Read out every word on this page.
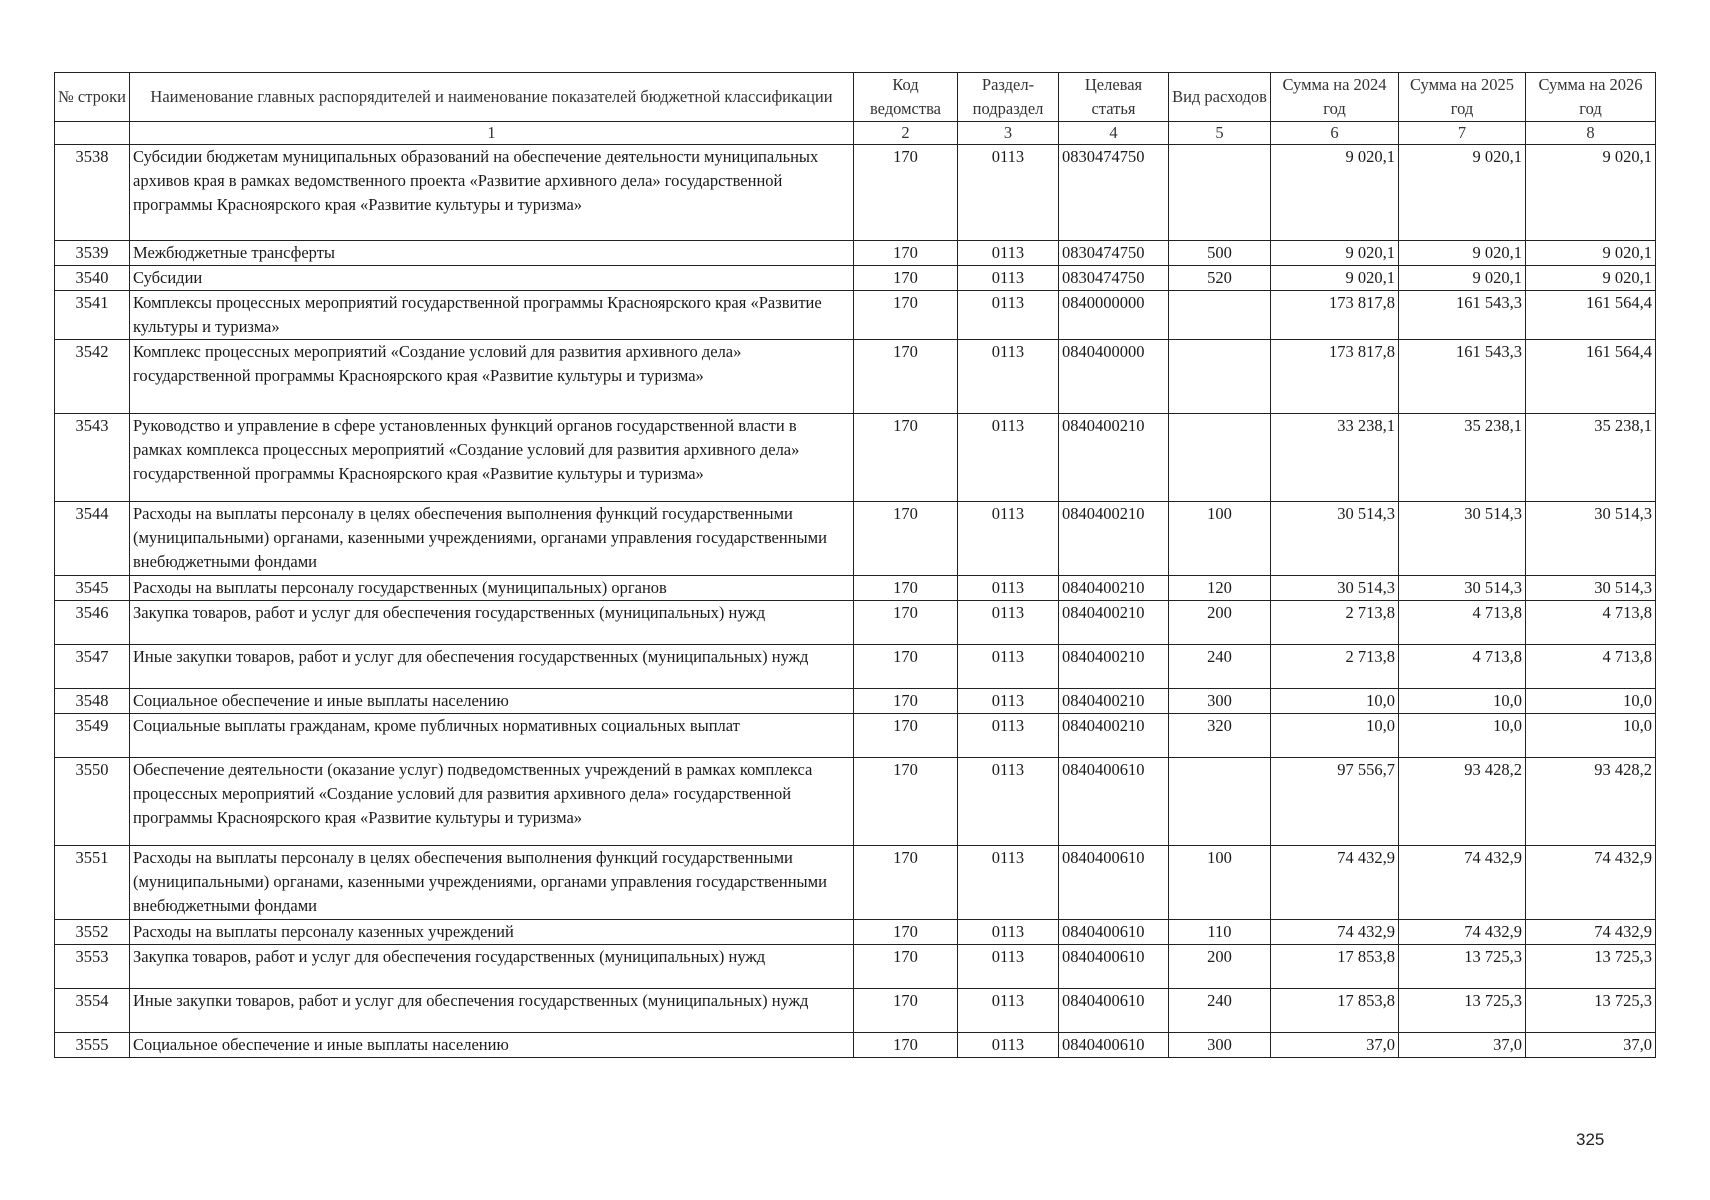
№ строки	Наименование главных распорядителей и наименование показателей бюджетной классификации	Код ведомства	Раздел-подраздел	Целевая статья	Вид расходов	Сумма на 2024 год	Сумма на 2025 год	Сумма на 2026 год
	1	2	3	4	5	6	7	8
3538	Субсидии бюджетам муниципальных образований на обеспечение деятельности муниципальных архивов края в рамках ведомственного проекта «Развитие архивного дела» государственной программы Красноярского края «Развитие культуры и туризма»	170	0113	0830474750		9 020,1	9 020,1	9 020,1
3539	Межбюджетные трансферты	170	0113	0830474750	500	9 020,1	9 020,1	9 020,1
3540	Субсидии	170	0113	0830474750	520	9 020,1	9 020,1	9 020,1
3541	Комплексы процессных мероприятий государственной программы Красноярского края «Развитие культуры и туризма»	170	0113	0840000000		173 817,8	161 543,3	161 564,4
3542	Комплекс процессных мероприятий «Создание условий для развития архивного дела» государственной программы Красноярского края «Развитие культуры и туризма»	170	0113	0840400000		173 817,8	161 543,3	161 564,4
3543	Руководство и управление в сфере установленных функций органов государственной власти в рамках комплекса процессных мероприятий «Создание условий для развития архивного дела» государственной программы Красноярского края «Развитие культуры и туризма»	170	0113	0840400210		33 238,1	35 238,1	35 238,1
3544	Расходы на выплаты персоналу в целях обеспечения выполнения функций государственными (муниципальными) органами, казенными учреждениями, органами управления государственными внебюджетными фондами	170	0113	0840400210	100	30 514,3	30 514,3	30 514,3
3545	Расходы на выплаты персоналу государственных (муниципальных) органов	170	0113	0840400210	120	30 514,3	30 514,3	30 514,3
3546	Закупка товаров, работ и услуг для обеспечения государственных (муниципальных) нужд	170	0113	0840400210	200	2 713,8	4 713,8	4 713,8
3547	Иные закупки товаров, работ и услуг для обеспечения государственных (муниципальных) нужд	170	0113	0840400210	240	2 713,8	4 713,8	4 713,8
3548	Социальное обеспечение и иные выплаты населению	170	0113	0840400210	300	10,0	10,0	10,0
3549	Социальные выплаты гражданам, кроме публичных нормативных социальных выплат	170	0113	0840400210	320	10,0	10,0	10,0
3550	Обеспечение деятельности (оказание услуг) подведомственных учреждений в рамках комплекса процессных мероприятий «Создание условий для развития архивного дела» государственной программы Красноярского края «Развитие культуры и туризма»	170	0113	0840400610		97 556,7	93 428,2	93 428,2
3551	Расходы на выплаты персоналу в целях обеспечения выполнения функций государственными (муниципальными) органами, казенными учреждениями, органами управления государственными внебюджетными фондами	170	0113	0840400610	100	74 432,9	74 432,9	74 432,9
3552	Расходы на выплаты персоналу казенных учреждений	170	0113	0840400610	110	74 432,9	74 432,9	74 432,9
3553	Закупка товаров, работ и услуг для обеспечения государственных (муниципальных) нужд	170	0113	0840400610	200	17 853,8	13 725,3	13 725,3
3554	Иные закупки товаров, работ и услуг для обеспечения государственных (муниципальных) нужд	170	0113	0840400610	240	17 853,8	13 725,3	13 725,3
3555	Социальное обеспечение и иные выплаты населению	170	0113	0840400610	300	37,0	37,0	37,0
325
